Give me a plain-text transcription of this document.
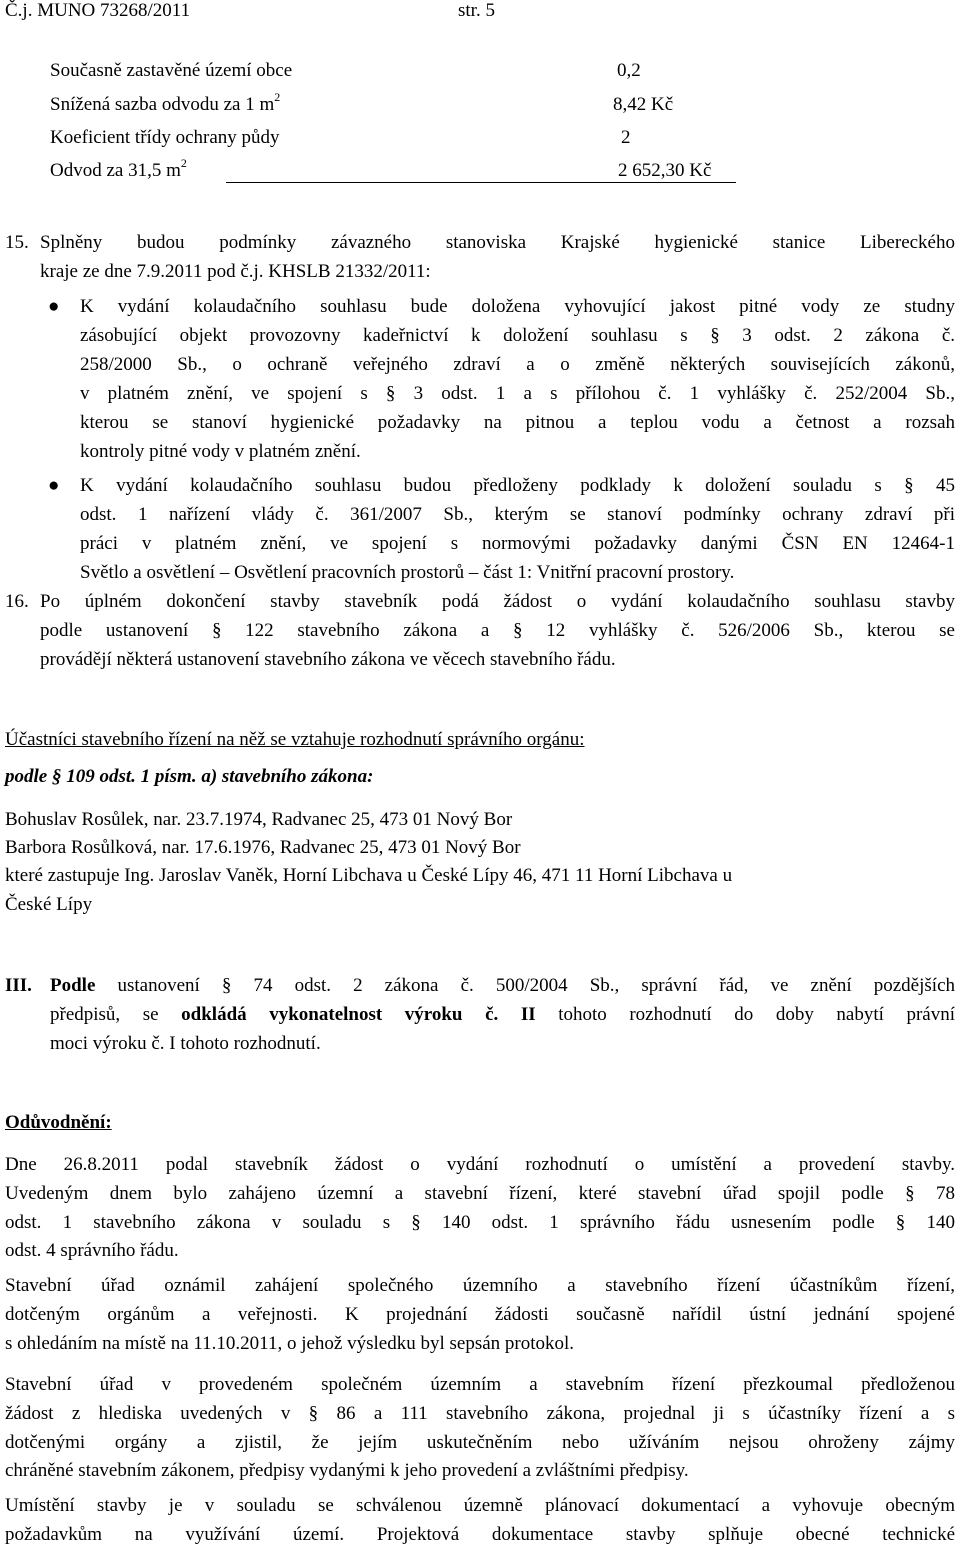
Č.j. MUNO 73268/2011	str. 5
Současně zastavěné území obce	0,2
Snížená sazba odvodu za 1 $m^2$	8,42 Kč
Koeficient třídy ochrany půdy	2
Odvod za 31,5 $m^2$	2 652,30 Kč
15. Splněny budou podmínky závazného stanoviska Krajské hygienické stanice Libereckého
kraje ze dne 7.9.2011 pod č.j. KHSLB 21332/2011:
● K vydání kolaudačního souhlasu bude doložena vyhovující jakost pitné vody ze studny
zásobující objekt provozovny kadeřnictví k doložení souhlasu s § 3 odst. 2 zákona č.
258/2000 Sb., o ochraně veřejného zdraví a o změně některých souvisejících zákonů,
v platném znění, ve spojení s § 3 odst. 1 a s přílohou č. 1 vyhlášky č. 252/2004 Sb.,
kterou se stanoví hygienické požadavky na pitnou a teplou vodu a četnost a rozsah
kontroly pitné vody v platném znění.
● K vydání kolaudačního souhlasu budou předloženy podklady k doložení souladu s § 45
odst. 1 nařízení vlády č. 361/2007 Sb., kterým se stanoví podmínky ochrany zdraví při
práci v platném znění, ve spojení s normovými požadavky danými ČSN EN 12464-1
Světlo a osvětlení – Osvětlení pracovních prostorů – část 1: Vnitřní pracovní prostory.
16. Po úplném dokončení stavby stavebník podá žádost o vydání kolaudačního souhlasu stavby
podle ustanovení § 122 stavebního zákona a § 12 vyhlášky č. 526/2006 Sb., kterou se
provádějí některá ustanovení stavebního zákona ve věcech stavebního řádu.
Účastníci stavebního řízení na něž se vztahuje rozhodnutí správního orgánu:
podle § 109 odst. 1 písm. a) stavebního zákona:
Bohuslav Rosůlek, nar. 23.7.1974, Radvanec 25, 473 01 Nový Bor
Barbora Rosůlková, nar. 17.6.1976, Radvanec 25, 473 01 Nový Bor
které zastupuje Ing. Jaroslav Vaněk, Horní Libchava u České Lípy 46, 471 11 Horní Libchava u
České Lípy
III. Podle ustanovení § 74 odst. 2 zákona č. 500/2004 Sb., správní řád, ve znění pozdějších
předpisů, se odkládá vykonatelnost výroku č. II tohoto rozhodnutí do doby nabytí právní
moci výroku č. I tohoto rozhodnutí.
Odůvodnění:
Dne 26.8.2011 podal stavebník žádost o vydání rozhodnutí o umístění a provedení stavby.
Uvedeným dnem bylo zahájeno územní a stavební řízení, které stavební úřad spojil podle § 78
odst. 1 stavebního zákona v souladu s § 140 odst. 1 správního řádu usnesením podle § 140
odst. 4 správního řádu.
Stavební úřad oznámil zahájení společného územního a stavebního řízení účastníkům řízení,
dotčeným orgánům a veřejnosti. K projednání žádosti současně nařídil ústní jednání spojené
s ohledáním na místě na 11.10.2011, o jehož výsledku byl sepsán protokol.
Stavební úřad v provedeném společném územním a stavebním řízení přezkoumal předloženou
žádost z hlediska uvedených v § 86 a 111 stavebního zákona, projednal ji s účastníky řízení a s
dotčenými orgány a zjistil, že jejím uskutečněním nebo užíváním nejsou ohroženy zájmy
chráněné stavebním zákonem, předpisy vydanými k jeho provedení a zvláštními předpisy.
Umístění stavby je v souladu se schválenou územně plánovací dokumentací a vyhovuje obecným
požadavkům na využívání území. Projektová dokumentace stavby splňuje obecné technické
